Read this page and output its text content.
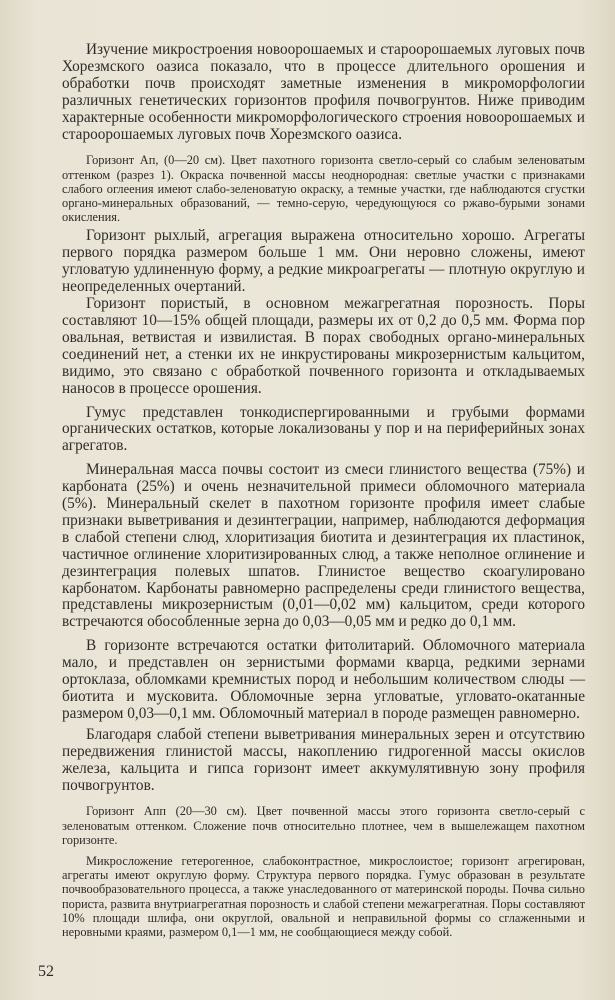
Изучение микростроения новоорошаемых и староорошаемых луговых почв Хорезмского оазиса показало, что в процессе длительного орошения и обработки почв происходят заметные изменения в микроморфологии различных генетических горизонтов профиля почвогрунтов. Ниже приводим характерные особенности микроморфологического строения новоорошаемых и староорошаемых луговых почв Хорезмского оазиса.

Горизонт Aп, (0—20 см). Цвет пахотного горизонта светло-серый со слабым зеленоватым оттенком (разрез 1). Окраска почвенной массы неоднородная: светлые участки с признаками слабого оглеения имеют слабо-зеленоватую окраску, а темные участки, где наблюдаются сгустки органо-минеральных образований, — темно-серую, чередующуюся со ржаво-бурыми зонами окисления.

Горизонт рыхлый, агрегация выражена относительно хорошо. Агрегаты первого порядка размером больше 1 мм. Они неровно сложены, имеют угловатую удлиненную форму, а редкие микроагрегаты — плотную округлую и неопределенных очертаний.

Горизонт пористый, в основном межагрегатная порозность. Поры составляют 10—15% общей площади, размеры их от 0,2 до 0,5 мм. Форма пор овальная, ветвистая и извилистая. В порах свободных органо-минеральных соединений нет, а стенки их не инкрустированы микрозернистым кальцитом, видимо, это связано с обработкой почвенного горизонта и откладываемых наносов в процессе орошения.

Гумус представлен тонкодиспергированными и грубыми формами органических остатков, которые локализованы у пор и на периферийных зонах агрегатов.

Минеральная масса почвы состоит из смеси глинистого вещества (75%) и карбоната (25%) и очень незначительной примеси обломочного материала (5%). Минеральный скелет в пахотном горизонте профиля имеет слабые признаки выветривания и дезинтеграции, например, наблюдаются деформация в слабой степени слюд, хлоритизация биотита и дезинтеграция их пластинок, частичное оглинение хлоритизированных слюд, а также неполное оглинение и дезинтеграция полевых шпатов. Глинистое вещество скоагулировано карбонатом. Карбонаты равномерно распределены среди глинистого вещества, представлены микрозернистым (0,01—0,02 мм) кальцитом, среди которого встречаются обособленные зерна до 0,03—0,05 мм и редко до 0,1 мм.

В горизонте встречаются остатки фитолитарий. Обломочного материала мало, и представлен он зернистыми формами кварца, редкими зернами ортоклаза, обломками кремнистых пород и небольшим количеством слюды — биотита и мусковита. Обломочные зерна угловатые, угловато-окатанные размером 0,03—0,1 мм. Обломочный материал в породе размещен равномерно.

Благодаря слабой степени выветривания минеральных зерен и отсутствию передвижения глинистой массы, накоплению гидрогенной массы окислов железа, кальцита и гипса горизонт имеет аккумулятивную зону профиля почвогрунтов.

Горизонт Aпп (20—30 см). Цвет почвенной массы этого горизонта светло-серый с зеленоватым оттенком. Сложение почв относительно плотнее, чем в вышележащем пахотном горизонте.

Микросложение гетерогенное, слабоконтрастное, микрослоистое; горизонт агрегирован, агрегаты имеют округлую форму. Структура первого порядка. Гумус образован в результате почвообразовательного процесса, а также унаследованного от материнской породы. Почва сильно пориста, развита внутриагрегатная порозность и слабой степени межагрегатная. Поры составляют 10% площади шлифа, они округлой, овальной и неправильной формы со сглаженными и неровными краями, размером 0,1—1 мм, не сообщающиеся между собой.

52
